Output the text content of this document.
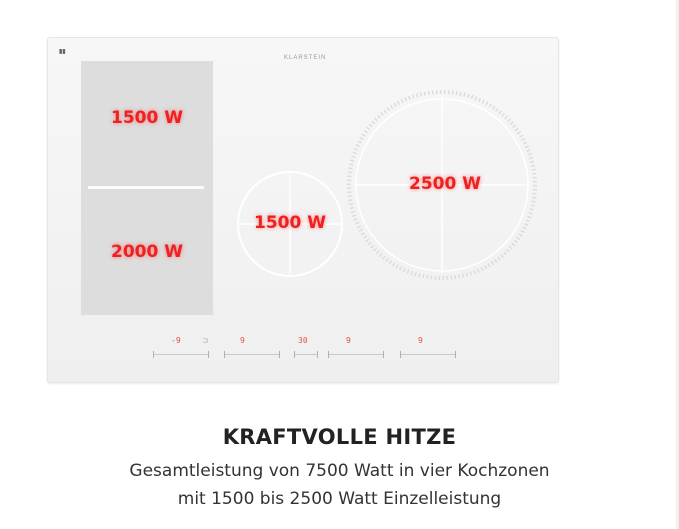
▮▮
KLARSTEIN
-9	⊐	9	30	9	9
1500 W
2000 W
1500 W
2500 W
KRAFTVOLLE HITZE
Gesamtleistung von 7500 Watt in vier Kochzonen
mit 1500 bis 2500 Watt Einzelleistung
